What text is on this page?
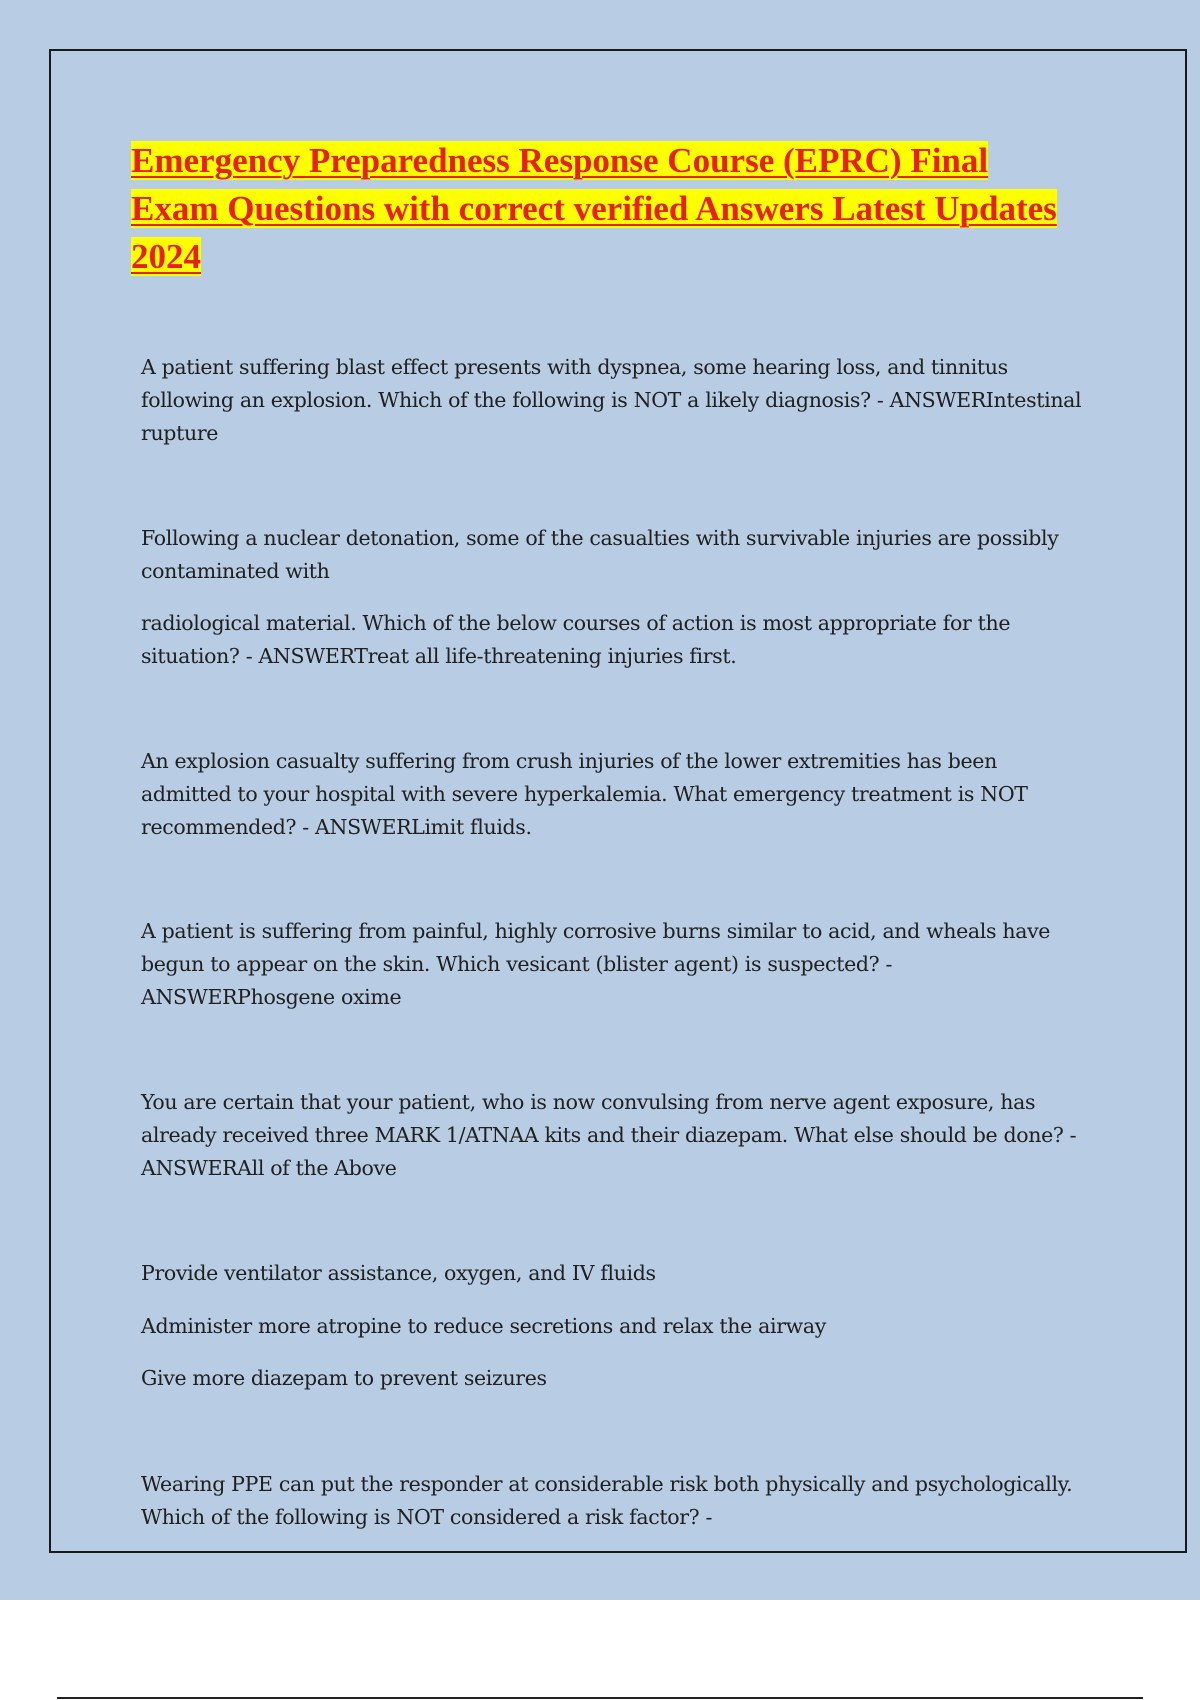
Emergency Preparedness Response Course (EPRC) Final Exam Questions with correct verified Answers Latest Updates 2024

A patient suffering blast effect presents with dyspnea, some hearing loss, and tinnitus following an explosion. Which of the following is NOT a likely diagnosis? - ANSWERIntestinal rupture

Following a nuclear detonation, some of the casualties with survivable injuries are possibly contaminated with

radiological material. Which of the below courses of action is most appropriate for the situation? - ANSWERTreat all life-threatening injuries first.

An explosion casualty suffering from crush injuries of the lower extremities has been admitted to your hospital with severe hyperkalemia. What emergency treatment is NOT recommended? - ANSWERLimit fluids.

A patient is suffering from painful, highly corrosive burns similar to acid, and wheals have begun to appear on the skin. Which vesicant (blister agent) is suspected? - ANSWERPhosgene oxime

You are certain that your patient, who is now convulsing from nerve agent exposure, has already received three MARK 1/ATNAA kits and their diazepam. What else should be done? - ANSWERAll of the Above

Provide ventilator assistance, oxygen, and IV fluids

Administer more atropine to reduce secretions and relax the airway

Give more diazepam to prevent seizures

Wearing PPE can put the responder at considerable risk both physically and psychologically. Which of the following is NOT considered a risk factor? -
